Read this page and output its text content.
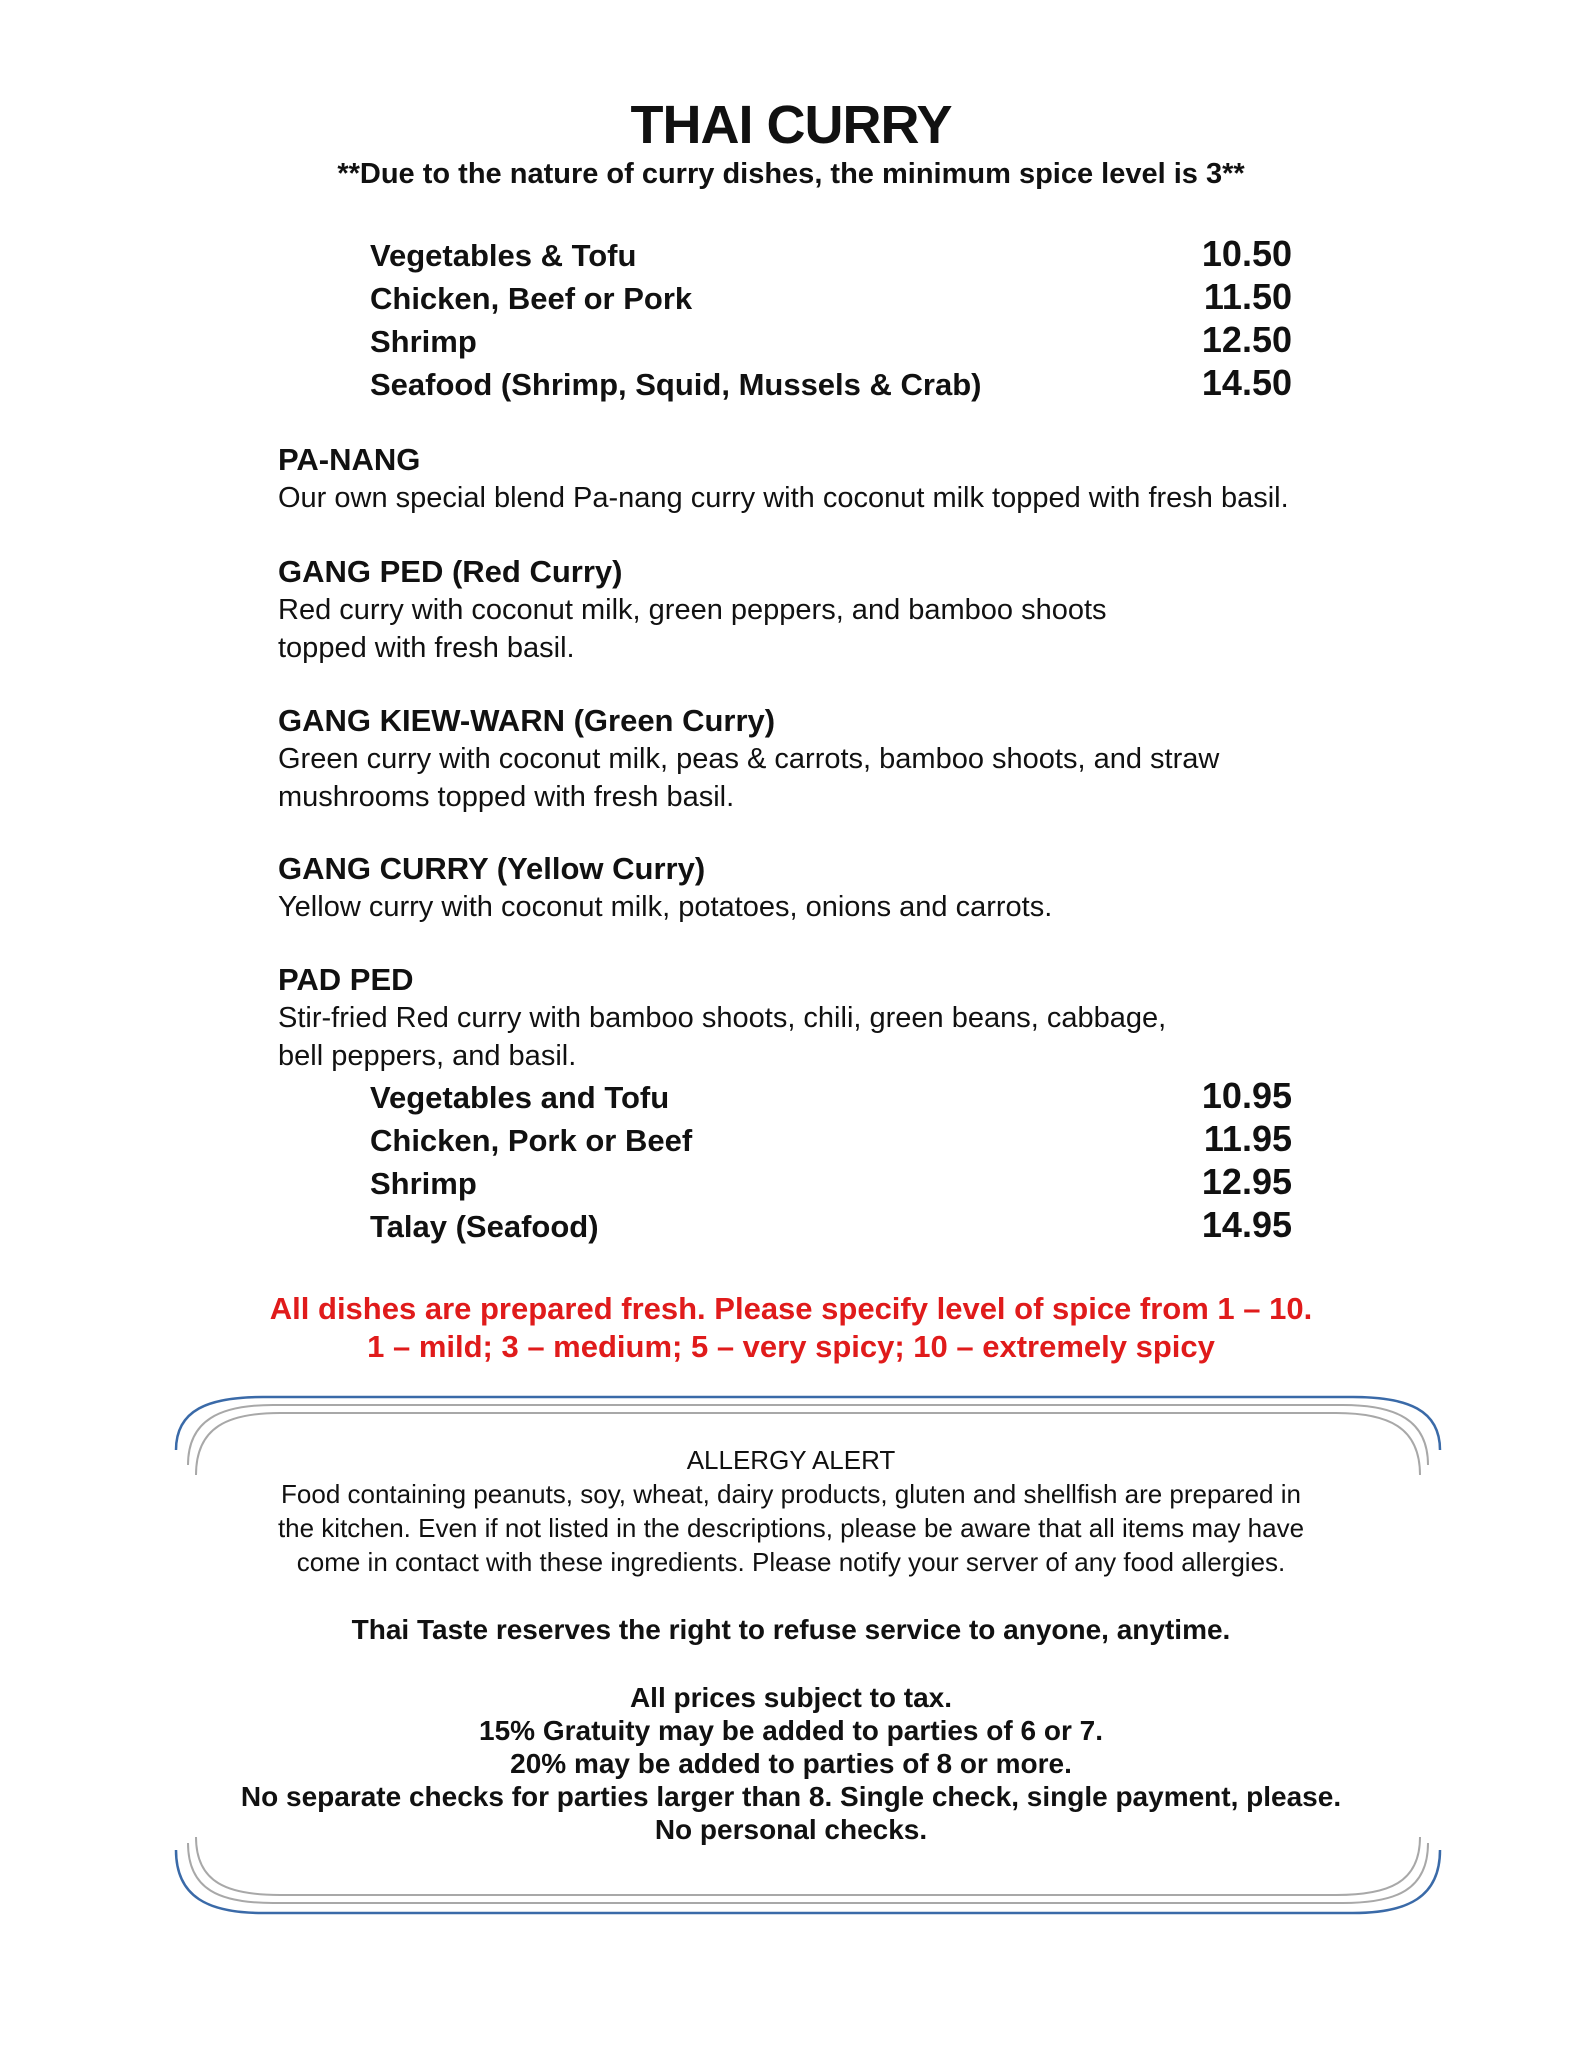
THAI CURRY
**Due to the nature of curry dishes, the minimum spice level is 3**
Vegetables & Tofu	10.50
Chicken, Beef or Pork	11.50
Shrimp	12.50
Seafood (Shrimp, Squid, Mussels & Crab)	14.50
PA-NANG
Our own special blend Pa-nang curry with coconut milk topped with fresh basil.
GANG PED (Red Curry)
Red curry with coconut milk, green peppers, and bamboo shoots
topped with fresh basil.
GANG KIEW-WARN (Green Curry)
Green curry with coconut milk, peas & carrots, bamboo shoots, and straw
mushrooms topped with fresh basil.
GANG CURRY (Yellow Curry)
Yellow curry with coconut milk, potatoes, onions and carrots.
PAD PED
Stir-fried Red curry with bamboo shoots, chili, green beans, cabbage,
bell peppers, and basil.
Vegetables and Tofu	10.95
Chicken, Pork or Beef	11.95
Shrimp	12.95
Talay (Seafood)	14.95
All dishes are prepared fresh. Please specify level of spice from 1 – 10.
1 – mild; 3 – medium; 5 – very spicy; 10 – extremely spicy
ALLERGY ALERT
Food containing peanuts, soy, wheat, dairy products, gluten and shellfish are prepared in
the kitchen. Even if not listed in the descriptions, please be aware that all items may have
come in contact with these ingredients. Please notify your server of any food allergies.
Thai Taste reserves the right to refuse service to anyone, anytime.
All prices subject to tax.
15% Gratuity may be added to parties of 6 or 7.
20% may be added to parties of 8 or more.
No separate checks for parties larger than 8. Single check, single payment, please.
No personal checks.
